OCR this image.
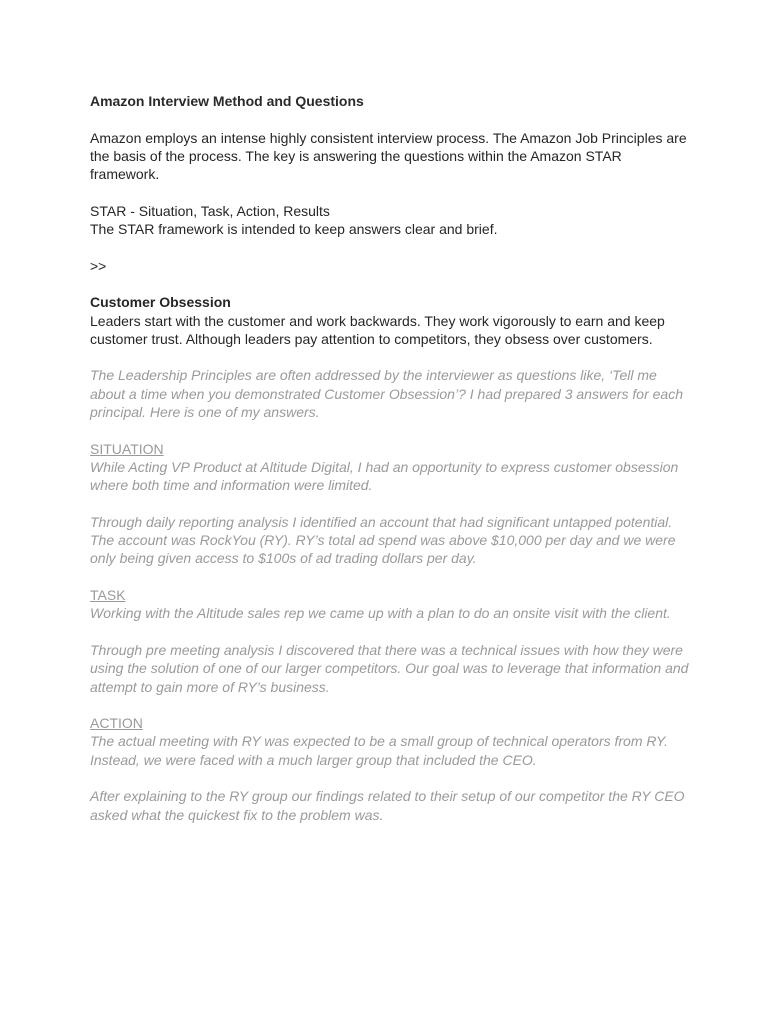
Amazon Interview Method and Questions

Amazon employs an intense highly consistent interview process. The Amazon Job Principles are the basis of the process. The key is answering the questions within the Amazon STAR framework.

STAR - Situation, Task, Action, Results

The STAR framework is intended to keep answers clear and brief.

>>

Customer Obsession

Leaders start with the customer and work backwards. They work vigorously to earn and keep customer trust. Although leaders pay attention to competitors, they obsess over customers.

The Leadership Principles are often addressed by the interviewer as questions like, ‘Tell me about a time when you demonstrated Customer Obsession’? I had prepared 3 answers for each principal. Here is one of my answers.

SITUATION

While Acting VP Product at Altitude Digital, I had an opportunity to express customer obsession where both time and information were limited.

Through daily reporting analysis I identified an account that had significant untapped potential. The account was RockYou (RY). RY’s total ad spend was above $10,000 per day and we were only being given access to $100s of ad trading dollars per day.

TASK

Working with the Altitude sales rep we came up with a plan to do an onsite visit with the client.

Through pre meeting analysis I discovered that there was a technical issues with how they were using the solution of one of our larger competitors. Our goal was to leverage that information and attempt to gain more of RY’s business.

ACTION

The actual meeting with RY was expected to be a small group of technical operators from RY. Instead, we were faced with a much larger group that included the CEO.

After explaining to the RY group our findings related to their setup of our competitor the RY CEO asked what the quickest fix to the problem was.
